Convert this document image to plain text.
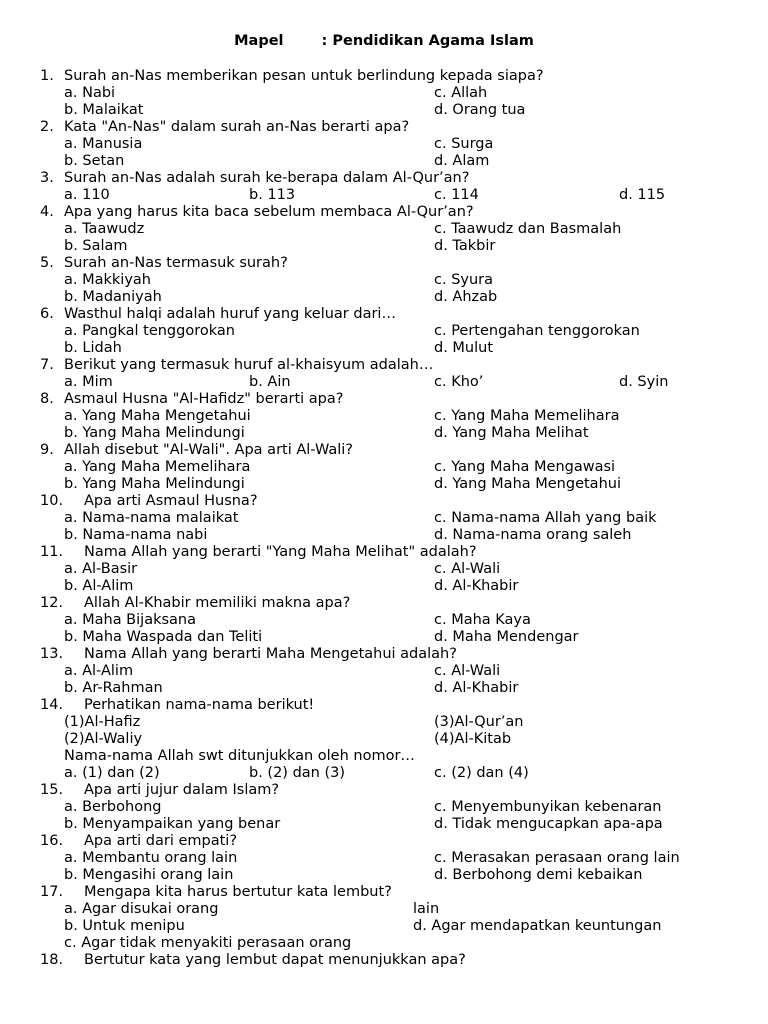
Mapel	: Pendidikan Agama Islam
1. Surah an-Nas memberikan pesan untuk berlindung kepada siapa?
a. Nabi	c. Allah
b. Malaikat	d. Orang tua
2. Kata "An-Nas" dalam surah an-Nas berarti apa?
a. Manusia	c. Surga
b. Setan	d. Alam
3. Surah an-Nas adalah surah ke-berapa dalam Al-Qur’an?
a. 110	b. 113	c. 114	d. 115
4. Apa yang harus kita baca sebelum membaca Al-Qur’an?
a. Taawudz	c. Taawudz dan Basmalah
b. Salam	d. Takbir
5. Surah an-Nas termasuk surah?
a. Makkiyah	c. Syura
b. Madaniyah	d. Ahzab
6. Wasthul halqi adalah huruf yang keluar dari…
a. Pangkal tenggorokan	c. Pertengahan tenggorokan
b. Lidah	d. Mulut
7. Berikut yang termasuk huruf al-khaisyum adalah…
a. Mim	b. Ain	c. Kho’	d. Syin
8. Asmaul Husna "Al-Hafidz" berarti apa?
a. Yang Maha Mengetahui	c. Yang Maha Memelihara
b. Yang Maha Melindungi	d. Yang Maha Melihat
9. Allah disebut "Al-Wali". Apa arti Al-Wali?
a. Yang Maha Memelihara	c. Yang Maha Mengawasi
b. Yang Maha Melindungi	d. Yang Maha Mengetahui
10. Apa arti Asmaul Husna?
a. Nama-nama malaikat	c. Nama-nama Allah yang baik
b. Nama-nama nabi	d. Nama-nama orang saleh
11. Nama Allah yang berarti "Yang Maha Melihat" adalah?
a. Al-Basir	c. Al-Wali
b. Al-Alim	d. Al-Khabir
12. Allah Al-Khabir memiliki makna apa?
a. Maha Bijaksana	c. Maha Kaya
b. Maha Waspada dan Teliti	d. Maha Mendengar
13. Nama Allah yang berarti Maha Mengetahui adalah?
a. Al-Alim	c. Al-Wali
b. Ar-Rahman	d. Al-Khabir
14. Perhatikan nama-nama berikut!
(1)Al-Hafiz	(3)Al-Qur’an
(2)Al-Waliy	(4)Al-Kitab
Nama-nama Allah swt ditunjukkan oleh nomor…
a. (1) dan (2)	b. (2) dan (3)	c. (2) dan (4)
15. Apa arti jujur dalam Islam?
a. Berbohong	c. Menyembunyikan kebenaran
b. Menyampaikan yang benar	d. Tidak mengucapkan apa-apa
16. Apa arti dari empati?
a. Membantu orang lain	c. Merasakan perasaan orang lain
b. Mengasihi orang lain	d. Berbohong demi kebaikan
17. Mengapa kita harus bertutur kata lembut?
a. Agar disukai orang	lain
b. Untuk menipu	d. Agar mendapatkan keuntungan
c. Agar tidak menyakiti perasaan orang
18. Bertutur kata yang lembut dapat menunjukkan apa?
